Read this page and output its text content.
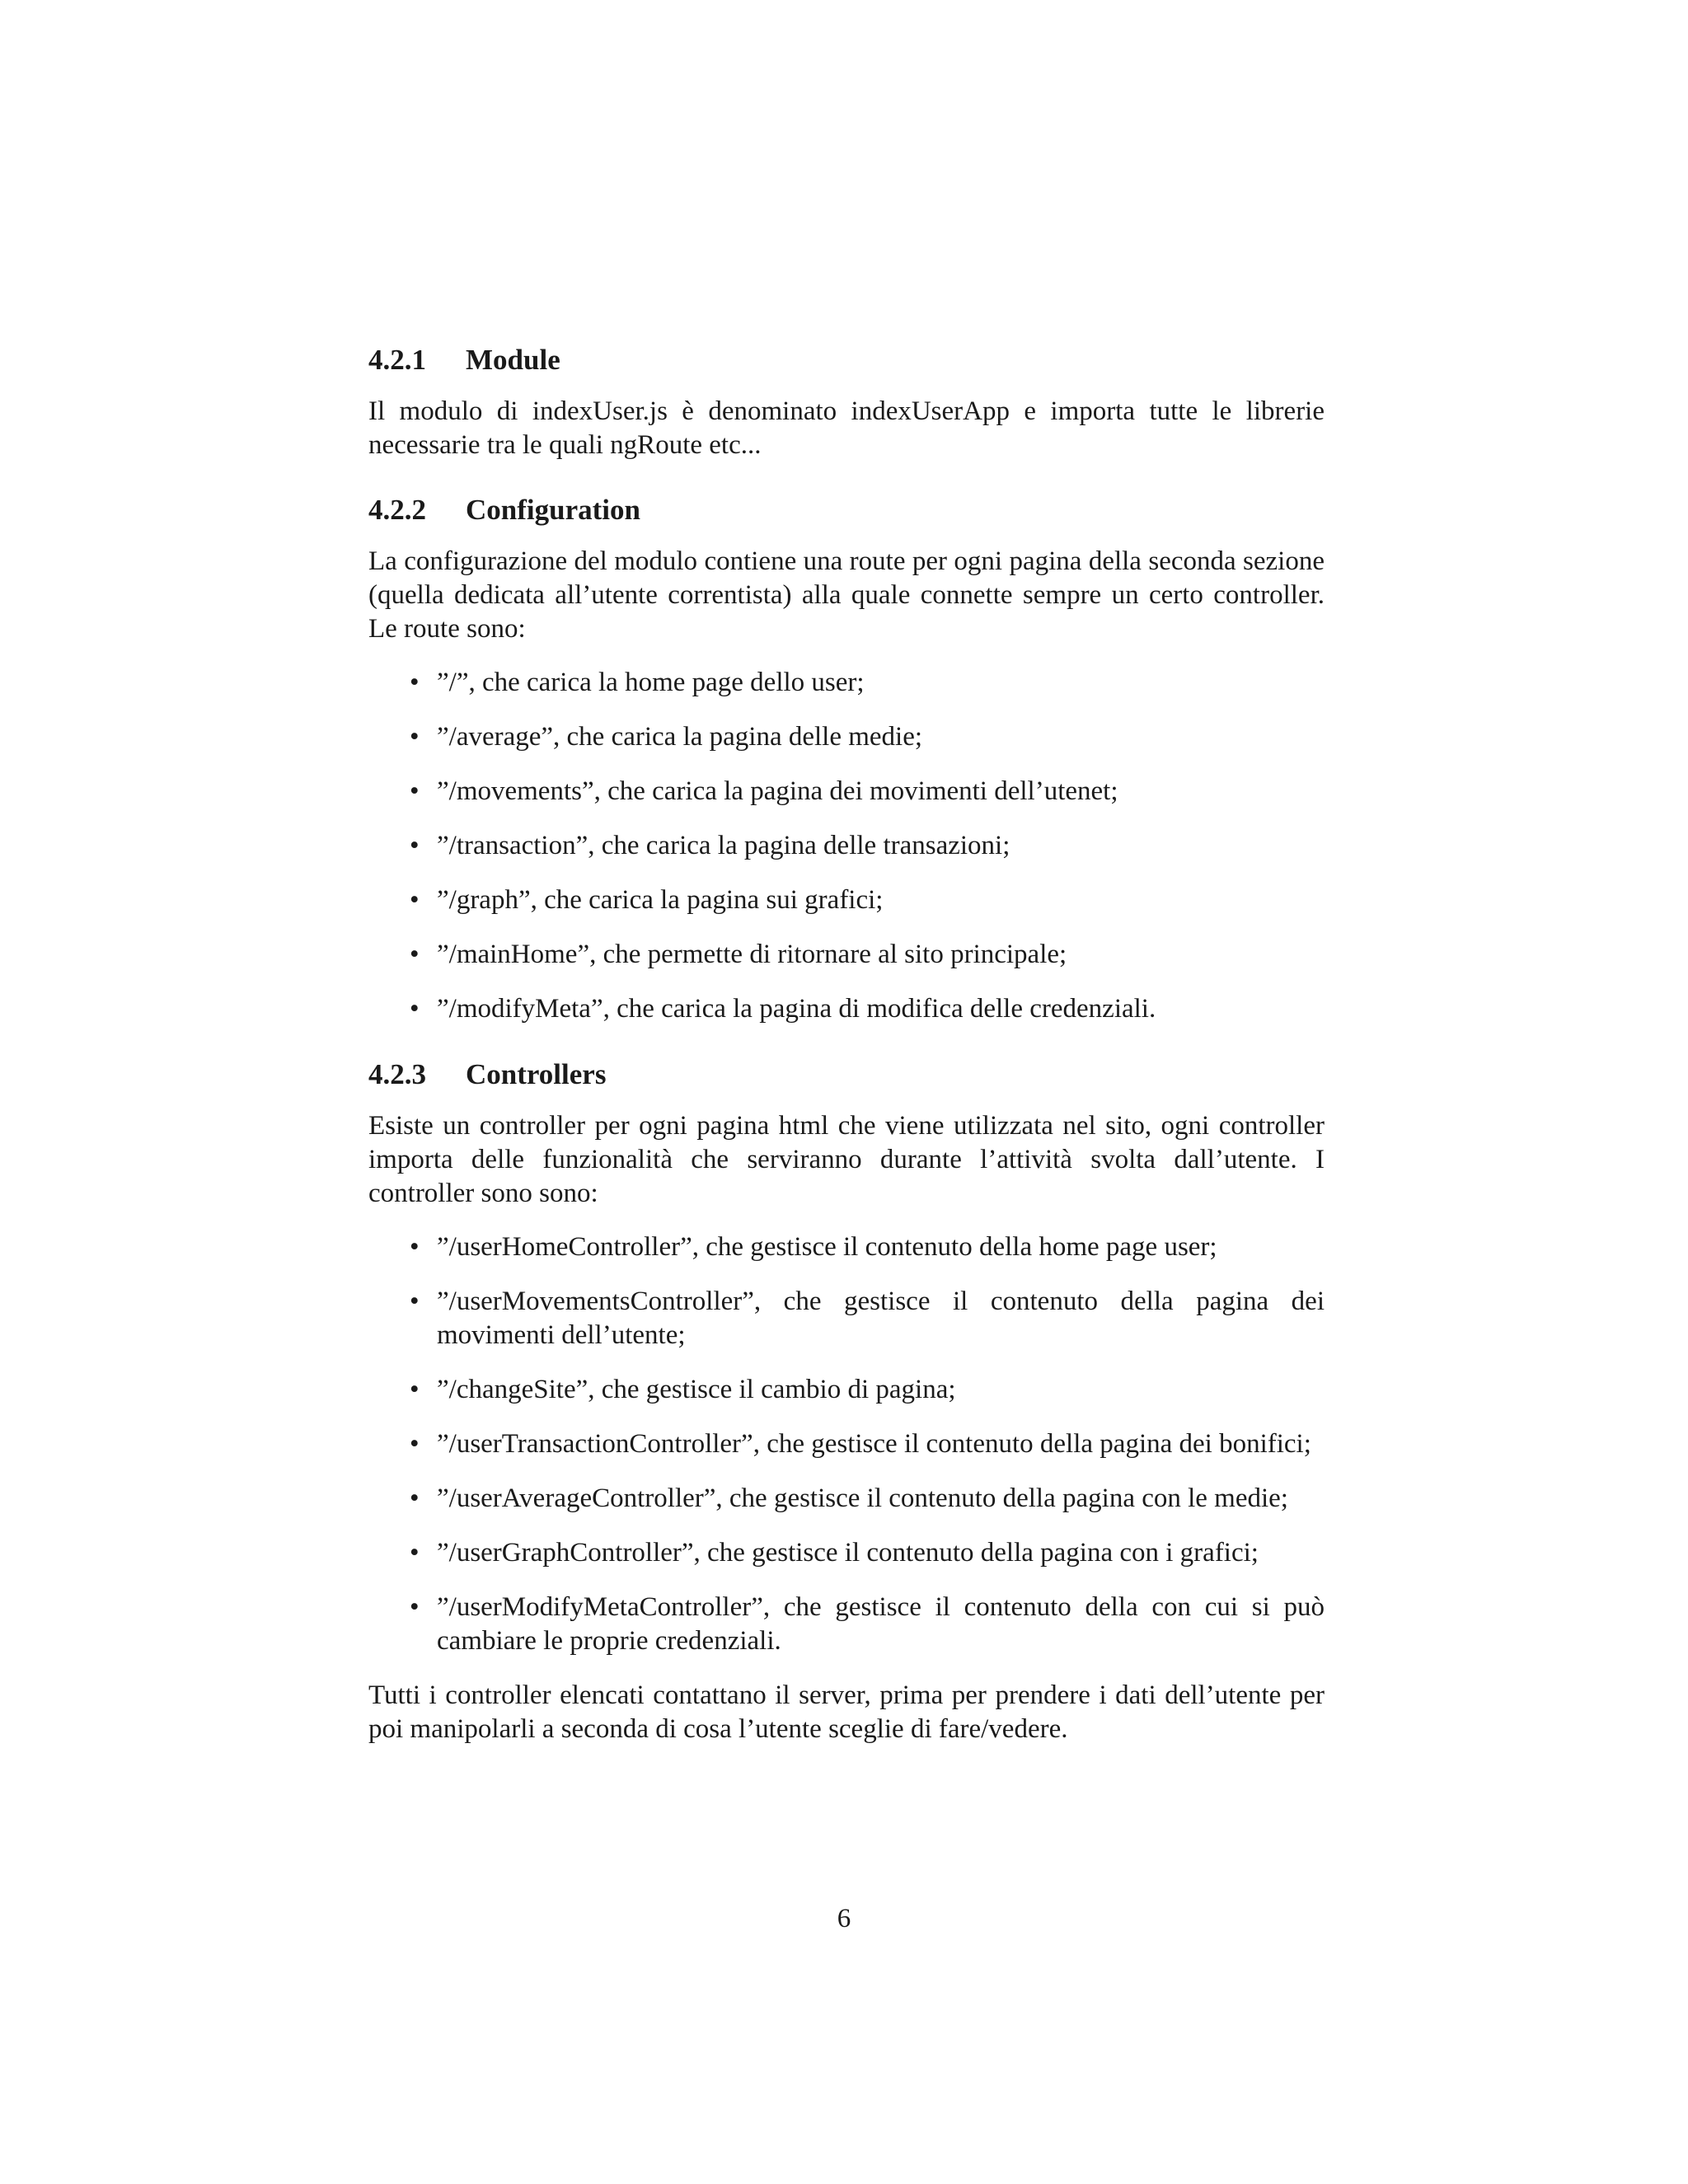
4.2.1 Module

Il modulo di indexUser.js è denominato indexUserApp e importa tutte le librerie necessarie tra le quali ngRoute etc...

4.2.2 Configuration

La configurazione del modulo contiene una route per ogni pagina della seconda sezione (quella dedicata all’utente correntista) alla quale connette sempre un certo controller. Le route sono:

• ”/”, che carica la home page dello user;
• ”/average”, che carica la pagina delle medie;
• ”/movements”, che carica la pagina dei movimenti dell’utenet;
• ”/transaction”, che carica la pagina delle transazioni;
• ”/graph”, che carica la pagina sui grafici;
• ”/mainHome”, che permette di ritornare al sito principale;
• ”/modifyMeta”, che carica la pagina di modifica delle credenziali.
4.2.3 Controllers

Esiste un controller per ogni pagina html che viene utilizzata nel sito, ogni controller importa delle funzionalità che serviranno durante l’attività svolta dall’utente. I controller sono sono:

• ”/userHomeController”, che gestisce il contenuto della home page user;
• ”/userMovementsController”, che gestisce il contenuto della pagina dei movimenti dell’utente;
• ”/changeSite”, che gestisce il cambio di pagina;
• ”/userTransactionController”, che gestisce il contenuto della pagina dei bonifici;
• ”/userAverageController”, che gestisce il contenuto della pagina con le medie;
• ”/userGraphController”, che gestisce il contenuto della pagina con i grafici;
• ”/userModifyMetaController”, che gestisce il contenuto della con cui si può cambiare le proprie credenziali.

Tutti i controller elencati contattano il server, prima per prendere i dati dell’utente per poi manipolarli a seconda di cosa l’utente sceglie di fare/vedere.

6
